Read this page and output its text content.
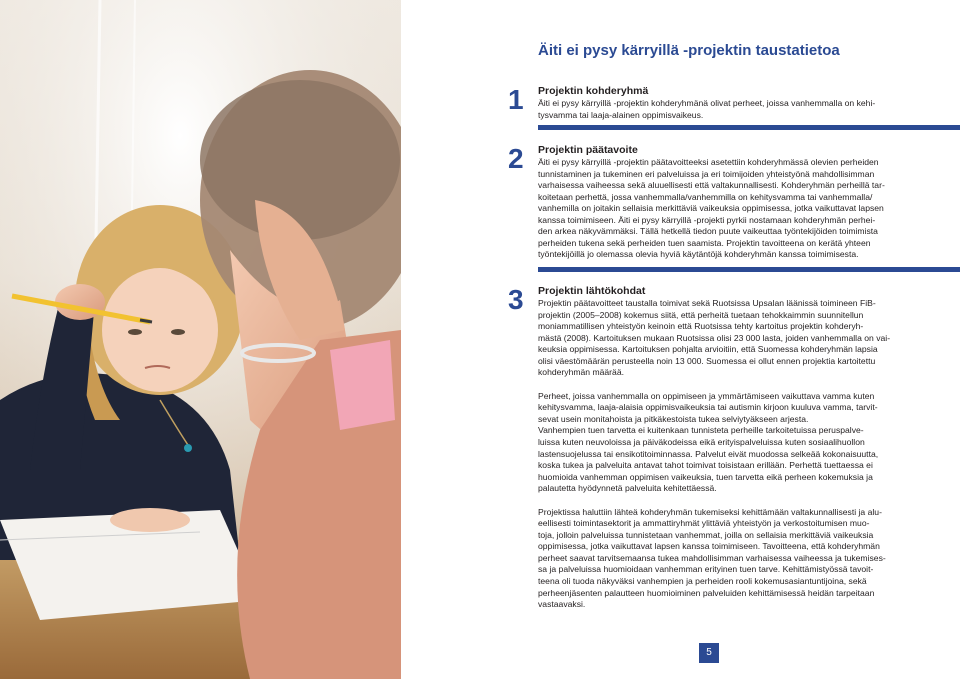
Äiti ei pysy kärryillä -projektin taustatietoa
1 Projektin kohderyhmä

Äiti ei pysy kärryillä -projektin kohderyhmänä olivat perheet, joissa vanhemmalla on kehi-
tysvamma tai laaja-alainen oppimisvaikeus.

2 Projektin päätavoite

Äiti ei pysy kärryillä -projektin päätavoitteeksi asetettiin kohderyhmässä olevien perheiden
tunnistaminen ja tukeminen eri palveluissa ja eri toimijoiden yhteistyönä mahdollisimman
varhaisessa vaiheessa sekä aluuellisesti että valtakunnallisesti. Kohderyhmän perheillä tar-
koitetaan perhettä, jossa vanhemmalla/vanhemmilla on kehitysvamma tai vanhemmalla/
vanhemilla on joitakin sellaisia merkittäviä vaikeuksia oppimisessa, jotka vaikuttavat lapsen
kanssa toimimiseen. Äiti ei pysy kärryillä -projekti pyrkii nostamaan kohderyhmän perhei-
den arkea näkyvämmäksi. Tällä hetkellä tiedon puute vaikeuttaa työntekijöiden toimimista
perheiden tukena sekä perheiden tuen saamista. Projektin tavoitteena on kerätä yhteen
työntekijöillä jo olemassa olevia hyviä käytäntöjä kohderyhmän kanssa toimimisesta.

3 Projektin lähtökohdat

Projektin päätavoitteet taustalla toimivat sekä Ruotsissa Upsalan läänissä toimineen FiB-
projektin (2005–2008) kokemus siitä, että perheitä tuetaan tehokkaimmin suunnitellun
moniammatillisen yhteistyön keinoin että Ruotsissa tehty kartoitus projektin kohderyh-
mästä (2008). Kartoituksen mukaan Ruotsissa olisi 23 000 lasta, joiden vanhemmalla on vai-
keuksia oppimisessa. Kartoituksen pohjalta arvioitiin, että Suomessa kohderyhmän lapsia
olisi väestömäärän perusteella noin 13 000. Suomessa ei ollut ennen projektia kartoitettu
kohderyhmän määrää.

Perheet, joissa vanhemmalla on oppimiseen ja ymmärtämiseen vaikuttava vamma kuten
kehitysvamma, laaja-alaisia oppimisvaikeuksia tai autismin kirjoon kuuluva vamma, tarvit-
sevat usein monitahoista ja pitkäkestoista tukea selviytyäkseen arjesta.
Vanhempien tuen tarvetta ei kuitenkaan tunnisteta perheille tarkoitetuissa peruspalve-
luissa kuten neuvoloissa ja päiväkodeissa eikä erityispalveluissa kuten sosiaalihuollon
lastensuojelussa tai ensikotitoiminnassa. Palvelut eivät muodossa selkeää kokonaisuutta,
koska tukea ja palveluita antavat tahot toimivat toisistaan erillään. Perhettä tuettaessa ei
huomioida vanhemman oppimisen vaikeuksia, tuen tarvetta eikä perheen kokemuksia ja
palautetta hyödynnetä palveluita kehitettäessä.

Projektissa haluttiin lähteä kohderyhmän tukemiseksi kehittämään valtakunnallisesti ja alu-
eellisesti toimintasektorit ja ammattiryhmät ylittäviä yhteistyön ja verkostoitumisen muo-
toja, jolloin palveluissa tunnistetaan vanhemmat, joilla on sellaisia merkittäviä vaikeuksia
oppimisessa, jotka vaikuttavat lapsen kanssa toimimiseen. Tavoitteena, että kohderyhmän
perheet saavat tarvitsemaansa tukea mahdollisimman varhaisessa vaiheessa ja tukemises-
sa ja palveluissa huomioidaan vanhemman erityinen tuen tarve. Kehittämistyössä tavoit-
teena oli tuoda näkyväksi vanhempien ja perheiden rooli kokemusasiantuntijoina, sekä
perheenjäsenten palautteen huomioiminen palveluiden kehittämisessä heidän tarpeitaan
vastaavaksi.

5
